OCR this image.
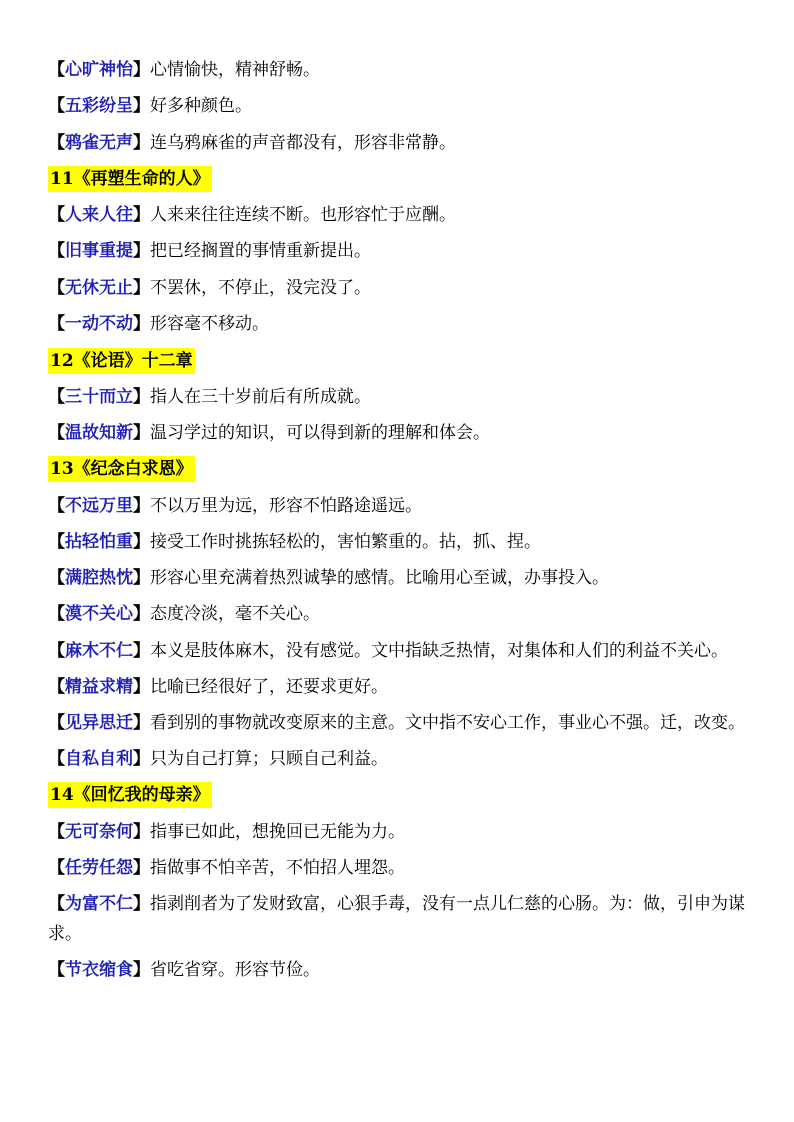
【心旷神怡】心情愉快，精神舒畅。

【五彩纷呈】好多种颜色。

【鸦雀无声】连乌鸦麻雀的声音都没有，形容非常静。

11《再塑生命的人》

【人来人往】人来来往往连续不断。也形容忙于应酬。

【旧事重提】把已经搁置的事情重新提出。

【无休无止】不罢休，不停止，没完没了。

【一动不动】形容毫不移动。

12《论语》十二章

【三十而立】指人在三十岁前后有所成就。

【温故知新】温习学过的知识，可以得到新的理解和体会。

13《纪念白求恩》

【不远万里】不以万里为远，形容不怕路途遥远。

【拈轻怕重】接受工作时挑拣轻松的，害怕繁重的。拈，抓、捏。

【满腔热忱】形容心里充满着热烈诚挚的感情。比喻用心至诚，办事投入。

【漠不关心】态度冷淡，毫不关心。

【麻木不仁】本义是肢体麻木，没有感觉。文中指缺乏热情，对集体和人们的利益不关心。

【精益求精】比喻已经很好了，还要求更好。

【见异思迁】看到别的事物就改变原来的主意。文中指不安心工作，事业心不强。迁，改变。

【自私自利】只为自己打算；只顾自己利益。

14《回忆我的母亲》

【无可奈何】指事已如此，想挽回已无能为力。

【任劳任怨】指做事不怕辛苦，不怕招人埋怨。

【为富不仁】指剥削者为了发财致富，心狠手毒，没有一点儿仁慈的心肠。为：做，引申为谋求。

【节衣缩食】省吃省穿。形容节俭。
